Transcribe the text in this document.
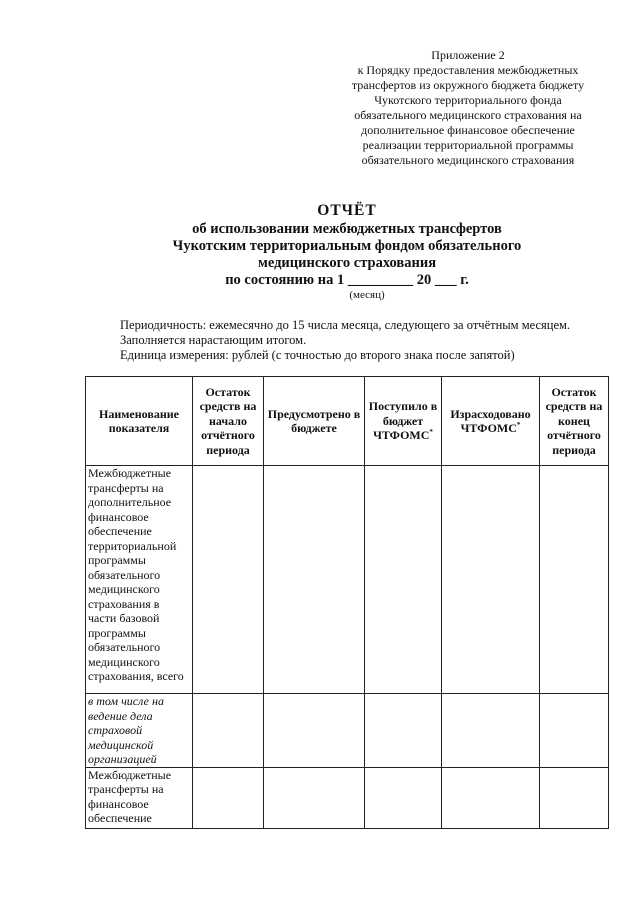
Приложение 2
к Порядку предоставления межбюджетных
трансфертов из окружного бюджета бюджету
Чукотского территориального фонда
обязательного медицинского страхования на
дополнительное финансовое обеспечение
реализации территориальной программы
обязательного медицинского страхования
ОТЧЁТ
об использовании межбюджетных трансфертов
Чукотским территориальным фондом обязательного
медицинского страхования
по состоянию на 1 _________ 20 ___ г.
(месяц)
Периодичность: ежемесячно до 15 числа месяца, следующего за отчётным месяцем.
Заполняется нарастающим итогом.
Единица измерения: рублей (с точностью до второго знака после запятой)
Наименование показателя	Остаток средств на начало отчётного периода	Предусмотрено в бюджете	Поступило в бюджет ЧТФОМС*	Израсходовано ЧТФОМС*	Остаток средств на конец отчётного периода
Межбюджетные трансферты на дополнительное финансовое обеспечение территориальной программы обязательного медицинского страхования в части базовой программы обязательного медицинского страхования, всего					
в том числе на ведение дела страховой медицинской организацией					
Межбюджетные трансферты на финансовое обеспечение					
